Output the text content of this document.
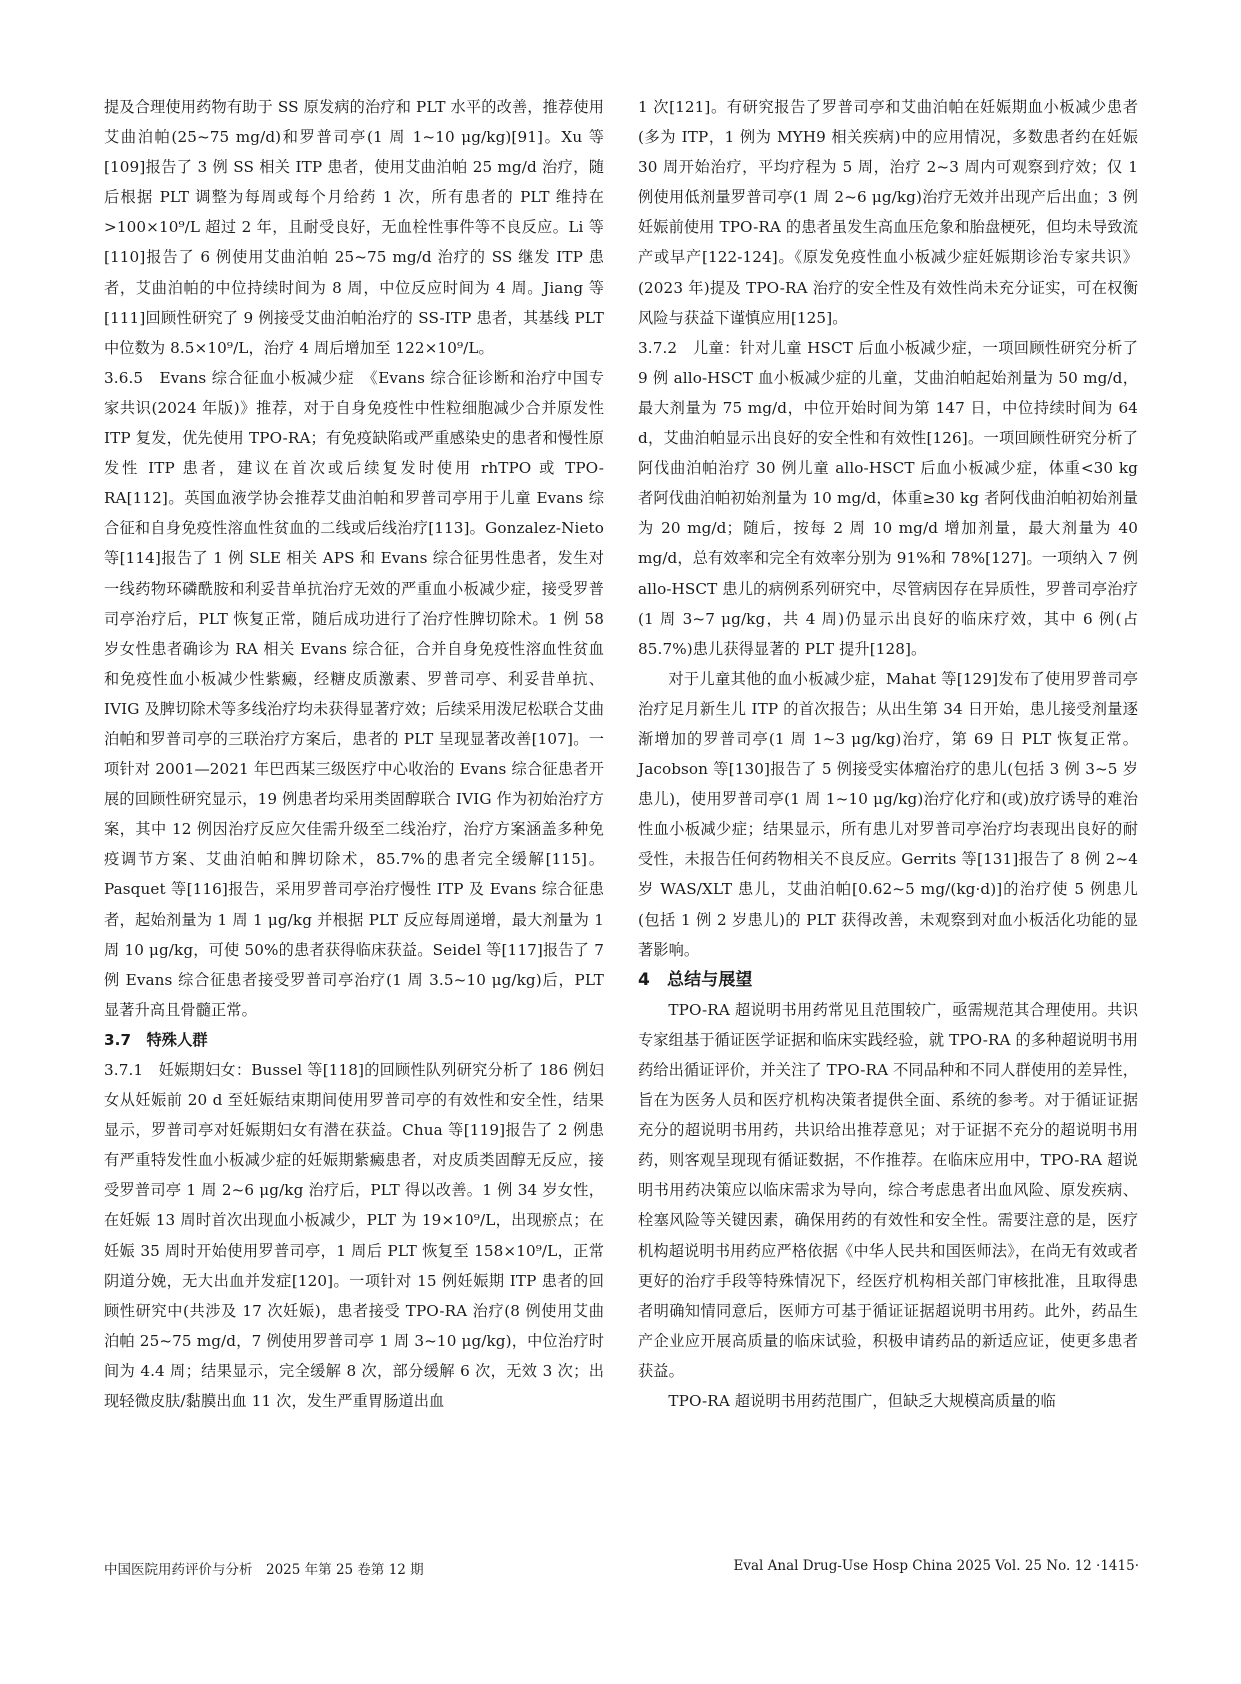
提及合理使用药物有助于 SS 原发病的治疗和 PLT 水平的改善，推荐使用艾曲泊帕(25~75 mg/d)和罗普司亭(1 周 1~10 μg/kg)[91]。Xu 等[109]报告了 3 例 SS 相关 ITP 患者，使用艾曲泊帕 25 mg/d 治疗，随后根据 PLT 调整为每周或每个月给药 1 次，所有患者的 PLT 维持在>100×10⁹/L 超过 2 年，且耐受良好，无血栓性事件等不良反应。Li 等[110]报告了 6 例使用艾曲泊帕 25~75 mg/d 治疗的 SS 继发 ITP 患者，艾曲泊帕的中位持续时间为 8 周，中位反应时间为 4 周。Jiang 等[111]回顾性研究了 9 例接受艾曲泊帕治疗的 SS-ITP 患者，其基线 PLT 中位数为 8.5×10⁹/L，治疗 4 周后增加至 122×10⁹/L。

3.6.5　Evans 综合征血小板减少症　《Evans 综合征诊断和治疗中国专家共识(2024 年版)》推荐，对于自身免疫性中性粒细胞减少合并原发性 ITP 复发，优先使用 TPO-RA；有免疫缺陷或严重感染史的患者和慢性原发性 ITP 患者，建议在首次或后续复发时使用 rhTPO 或 TPO-RA[112]。英国血液学协会推荐艾曲泊帕和罗普司亭用于儿童 Evans 综合征和自身免疫性溶血性贫血的二线或后线治疗[113]。Gonzalez-Nieto 等[114]报告了 1 例 SLE 相关 APS 和 Evans 综合征男性患者，发生对一线药物环磷酰胺和利妥昔单抗治疗无效的严重血小板减少症，接受罗普司亭治疗后，PLT 恢复正常，随后成功进行了治疗性脾切除术。1 例 58 岁女性患者确诊为 RA 相关 Evans 综合征，合并自身免疫性溶血性贫血和免疫性血小板减少性紫癜，经糖皮质激素、罗普司亭、利妥昔单抗、IVIG 及脾切除术等多线治疗均未获得显著疗效；后续采用泼尼松联合艾曲泊帕和罗普司亭的三联治疗方案后，患者的 PLT 呈现显著改善[107]。一项针对 2001—2021 年巴西某三级医疗中心收治的 Evans 综合征患者开展的回顾性研究显示，19 例患者均采用类固醇联合 IVIG 作为初始治疗方案，其中 12 例因治疗反应欠佳需升级至二线治疗，治疗方案涵盖多种免疫调节方案、艾曲泊帕和脾切除术，85.7%的患者完全缓解[115]。Pasquet 等[116]报告，采用罗普司亭治疗慢性 ITP 及 Evans 综合征患者，起始剂量为 1 周 1 μg/kg 并根据 PLT 反应每周递增，最大剂量为 1 周 10 μg/kg，可使 50%的患者获得临床获益。Seidel 等[117]报告了 7 例 Evans 综合征患者接受罗普司亭治疗(1 周 3.5~10 μg/kg)后，PLT 显著升高且骨髓正常。

3.7　特殊人群

3.7.1　妊娠期妇女：Bussel 等[118]的回顾性队列研究分析了 186 例妇女从妊娠前 20 d 至妊娠结束期间使用罗普司亭的有效性和安全性，结果显示，罗普司亭对妊娠期妇女有潜在获益。Chua 等[119]报告了 2 例患有严重特发性血小板减少症的妊娠期紫癜患者，对皮质类固醇无反应，接受罗普司亭 1 周 2~6 μg/kg 治疗后，PLT 得以改善。1 例 34 岁女性，在妊娠 13 周时首次出现血小板减少，PLT 为 19×10⁹/L，出现瘀点；在妊娠 35 周时开始使用罗普司亭，1 周后 PLT 恢复至 158×10⁹/L，正常阴道分娩，无大出血并发症[120]。一项针对 15 例妊娠期 ITP 患者的回顾性研究中(共涉及 17 次妊娠)，患者接受 TPO-RA 治疗(8 例使用艾曲泊帕 25~75 mg/d，7 例使用罗普司亭 1 周 3~10 μg/kg)，中位治疗时间为 4.4 周；结果显示，完全缓解 8 次，部分缓解 6 次，无效 3 次；出现轻微皮肤/黏膜出血 11 次，发生严重胃肠道出血

1 次[121]。有研究报告了罗普司亭和艾曲泊帕在妊娠期血小板减少患者(多为 ITP，1 例为 MYH9 相关疾病)中的应用情况，多数患者约在妊娠 30 周开始治疗，平均疗程为 5 周，治疗 2~3 周内可观察到疗效；仅 1 例使用低剂量罗普司亭(1 周 2~6 μg/kg)治疗无效并出现产后出血；3 例妊娠前使用 TPO-RA 的患者虽发生高血压危象和胎盘梗死，但均未导致流产或早产[122-124]。《原发免疫性血小板减少症妊娠期诊治专家共识》(2023 年)提及 TPO-RA 治疗的安全性及有效性尚未充分证实，可在权衡风险与获益下谨慎应用[125]。

3.7.2　儿童：针对儿童 HSCT 后血小板减少症，一项回顾性研究分析了 9 例 allo-HSCT 血小板减少症的儿童，艾曲泊帕起始剂量为 50 mg/d，最大剂量为 75 mg/d，中位开始时间为第 147 日，中位持续时间为 64 d，艾曲泊帕显示出良好的安全性和有效性[126]。一项回顾性研究分析了阿伐曲泊帕治疗 30 例儿童 allo-HSCT 后血小板减少症，体重<30 kg 者阿伐曲泊帕初始剂量为 10 mg/d，体重≥30 kg 者阿伐曲泊帕初始剂量为 20 mg/d；随后，按每 2 周 10 mg/d 增加剂量，最大剂量为 40 mg/d，总有效率和完全有效率分别为 91%和 78%[127]。一项纳入 7 例 allo-HSCT 患儿的病例系列研究中，尽管病因存在异质性，罗普司亭治疗(1 周 3~7 μg/kg，共 4 周)仍显示出良好的临床疗效，其中 6 例(占 85.7%)患儿获得显著的 PLT 提升[128]。

对于儿童其他的血小板减少症，Mahat 等[129]发布了使用罗普司亭治疗足月新生儿 ITP 的首次报告；从出生第 34 日开始，患儿接受剂量逐渐增加的罗普司亭(1 周 1~3 μg/kg)治疗，第 69 日 PLT 恢复正常。Jacobson 等[130]报告了 5 例接受实体瘤治疗的患儿(包括 3 例 3~5 岁患儿)，使用罗普司亭(1 周 1~10 μg/kg)治疗化疗和(或)放疗诱导的难治性血小板减少症；结果显示，所有患儿对罗普司亭治疗均表现出良好的耐受性，未报告任何药物相关不良反应。Gerrits 等[131]报告了 8 例 2~4 岁 WAS/XLT 患儿，艾曲泊帕[0.62~5 mg/(kg·d)]的治疗使 5 例患儿(包括 1 例 2 岁患儿)的 PLT 获得改善，未观察到对血小板活化功能的显著影响。

4　总结与展望

TPO-RA 超说明书用药常见且范围较广，亟需规范其合理使用。共识专家组基于循证医学证据和临床实践经验，就 TPO-RA 的多种超说明书用药给出循证评价，并关注了 TPO-RA 不同品种和不同人群使用的差异性，旨在为医务人员和医疗机构决策者提供全面、系统的参考。对于循证证据充分的超说明书用药，共识给出推荐意见；对于证据不充分的超说明书用药，则客观呈现现有循证数据，不作推荐。在临床应用中，TPO-RA 超说明书用药决策应以临床需求为导向，综合考虑患者出血风险、原发疾病、栓塞风险等关键因素，确保用药的有效性和安全性。需要注意的是，医疗机构超说明书用药应严格依据《中华人民共和国医师法》，在尚无有效或者更好的治疗手段等特殊情况下，经医疗机构相关部门审核批准，且取得患者明确知情同意后，医师方可基于循证证据超说明书用药。此外，药品生产企业应开展高质量的临床试验，积极申请药品的新适应证，使更多患者获益。

TPO-RA 超说明书用药范围广，但缺乏大规模高质量的临

中国医院用药评价与分析　2025 年第 25 卷第 12 期	Eval Anal Drug-Use Hosp China 2025 Vol. 25 No. 12 ·1415·
